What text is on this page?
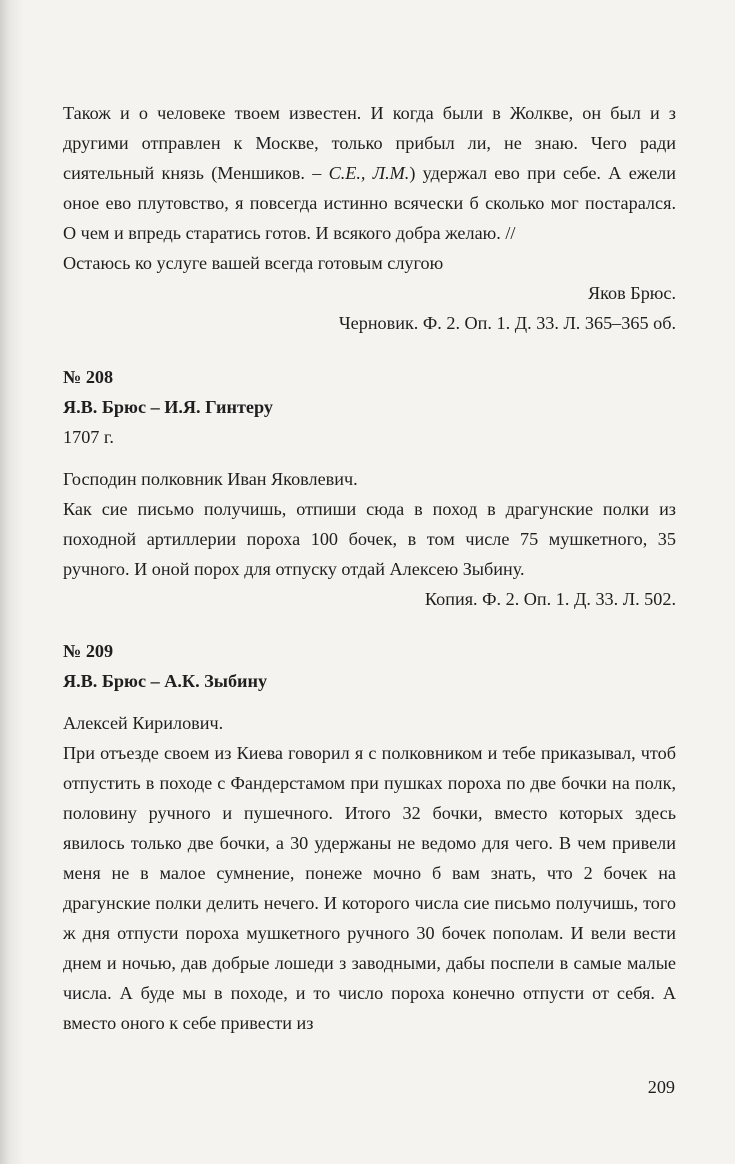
Також и о человеке твоем известен. И когда были в Жолкве, он был и з другими отправлен к Москве, только прибыл ли, не знаю. Чего ради сиятельный князь (Меншиков. – С.Е., Л.М.) удержал ево при себе. А ежели оное ево плутовство, я повсегда истинно всячески б сколько мог постарался. О чем и впредь старатись готов. И всякого добра желаю. //

Остаюсь ко услуге вашей всегда готовым слугою

Яков Брюс.

Черновик. Ф. 2. Оп. 1. Д. 33. Л. 365–365 об.

№ 208

Я.В. Брюс – И.Я. Гинтеру

1707 г.

Господин полковник Иван Яковлевич.

Как сие письмо получишь, отпиши сюда в поход в драгунские полки из походной артиллерии пороха 100 бочек, в том числе 75 мушкетного, 35 ручного. И оной порох для отпуску отдай Алексею Зыбину.

Копия. Ф. 2. Оп. 1. Д. 33. Л. 502.

№ 209

Я.В. Брюс – А.К. Зыбину

Алексей Кирилович.

При отъезде своем из Киева говорил я с полковником и тебе приказывал, чтоб отпустить в походе с Фандерстамом при пушках пороха по две бочки на полк, половину ручного и пушечного. Итого 32 бочки, вместо которых здесь явилось только две бочки, а 30 удержаны не ведомо для чего. В чем привели меня не в малое сумнение, понеже мочно б вам знать, что 2 бочек на драгунские полки делить нечего. И которого числа сие письмо получишь, того ж дня отпусти пороха мушкетного ручного 30 бочек пополам. И вели вести днем и ночью, дав добрые лошеди з заводными, дабы поспели в самые малые числа. А буде мы в походе, и то число пороха конечно отпусти от себя. А вместо оного к себе привести из

209
